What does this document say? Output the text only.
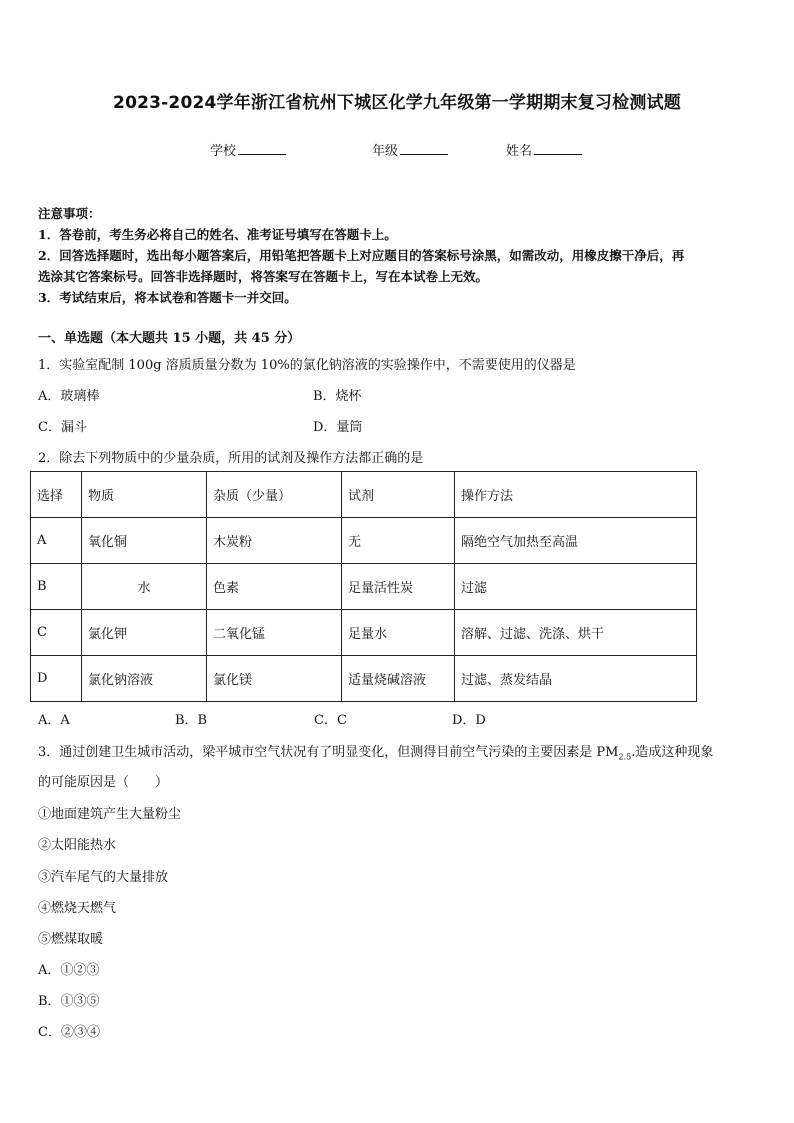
2023-2024学年浙江省杭州下城区化学九年级第一学期期末复习检测试题
学校	年级	姓名

注意事项：

1．答卷前，考生务必将自己的姓名、准考证号填写在答题卡上。

2．回答选择题时，选出每小题答案后，用铅笔把答题卡上对应题目的答案标号涂黑，如需改动，用橡皮擦干净后，再

选涂其它答案标号。回答非选择题时，将答案写在答题卡上，写在本试卷上无效。

3．考试结束后，将本试卷和答题卡一并交回。

一、单选题（本大题共 15 小题，共 45 分）
1．实验室配制 100g 溶质质量分数为 10%的氯化钠溶液的实验操作中，不需要使用的仪器是
A．玻璃棒	B．烧杯
C．漏斗	D．量筒
2．除去下列物质中的少量杂质，所用的试剂及操作方法都正确的是
选择	物质	杂质（少量）	试剂	操作方法
A	氧化铜	木炭粉	无	隔绝空气加热至高温
B	水	色素	足量活性炭	过滤
C	氯化钾	二氧化锰	足量水	溶解、过滤、洗涤、烘干
D	氯化钠溶液	氯化镁	适量烧碱溶液	过滤、蒸发结晶
A．A	B．B	C．C	D．D
3．通过创建卫生城市活动，梁平城市空气状况有了明显变化，但测得目前空气污染的主要因素是 $PM_{2.5}$.造成这种现象
的可能原因是（　　）
①地面建筑产生大量粉尘
②太阳能热水
③汽车尾气的大量排放
④燃烧天燃气
⑤燃煤取暖
A．①②③
B．①③⑤
C．②③④
